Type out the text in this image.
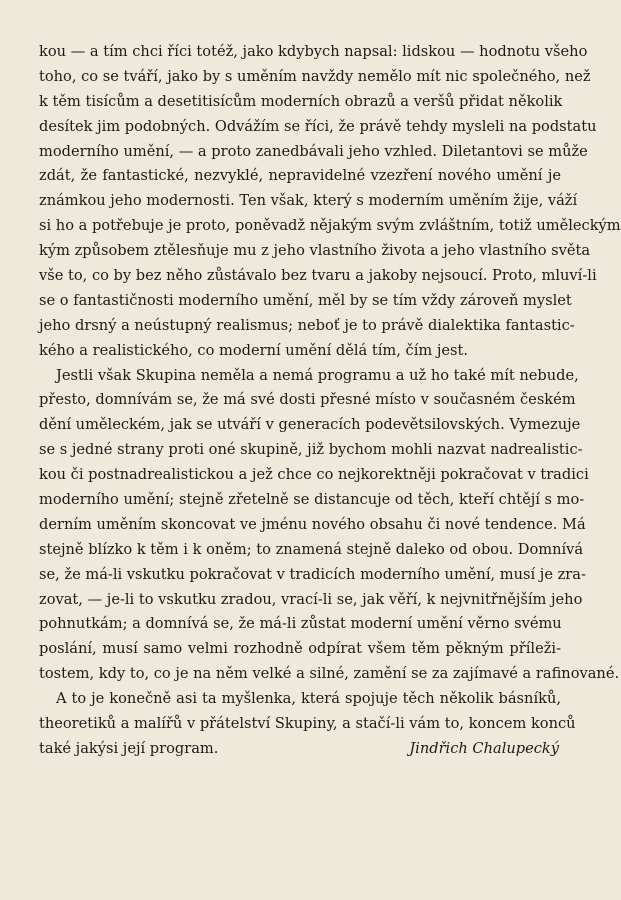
kou — a tím chci říci totéž, jako kdybych napsal: lidskou — hodnotu všeho
toho, co se tváří, jako by s uměním navždy nemělo mít nic společného, než
k těm tisícům a desetitisícům moderních obrazů a veršů přidat několik
desítek jim podobných. Odvážím se říci, že právě tehdy mysleli na podstatu
moderního umění, — a proto zanedbávali jeho vzhled. Diletantovi se může
zdát, že fantastické, nezvyklé, nepravidelné vzezření nového umění je
známkou jeho modernosti. Ten však, který s moderním uměním žije, váží
si ho a potřebuje je proto, poněvadž nějakým svým zvláštním, totiž uměleckým
kým způsobem ztělesňuje mu z jeho vlastního života a jeho vlastního světa
vše to, co by bez něho zůstávalo bez tvaru a jakoby nejsoucí. Proto, mluví-li
se o fantastičnosti moderního umění, měl by se tím vždy zároveň myslet
jeho drsný a neústupný realismus; neboť je to právě dialektika fantastic-
kého a realistického, co moderní umění dělá tím, čím jest.
Jestli však Skupina neměla a nemá programu a už ho také mít nebude,
přesto, domnívám se, že má své dosti přesné místo v současném českém
dění uměleckém, jak se utváří v generacích podevětsilovských. Vymezuje
se s jedné strany proti oné skupině, již bychom mohli nazvat nadrealistic-
kou či postnadrealistickou a jež chce co nejkorektněji pokračovat v tradici
moderního umění; stejně zřetelně se distancuje od těch, kteří chtějí s mo-
derním uměním skoncovat ve jménu nového obsahu či nové tendence. Má
stejně blízko k těm i k oněm; to znamená stejně daleko od obou. Domnívá
se, že má-li vskutku pokračovat v tradicích moderního umění, musí je zra-
zovat, — je-li to vskutku zradou, vrací-li se, jak věří, k nejvnitřnějším jeho
pohnutkám; a domnívá se, že má-li zůstat moderní umění věrno svému
poslání, musí samo velmi rozhodně odpírat všem těm pěkným příleži-
tostem, kdy to, co je na něm velké a silné, zamění se za zajímavé a rafinované.
A to je konečně asi ta myšlenka, která spojuje těch několik básníků,
theoretiků a malířů v přátelství Skupiny, a stačí-li vám to, koncem konců
také jakýsi její program.	Jindřich Chalupecký
